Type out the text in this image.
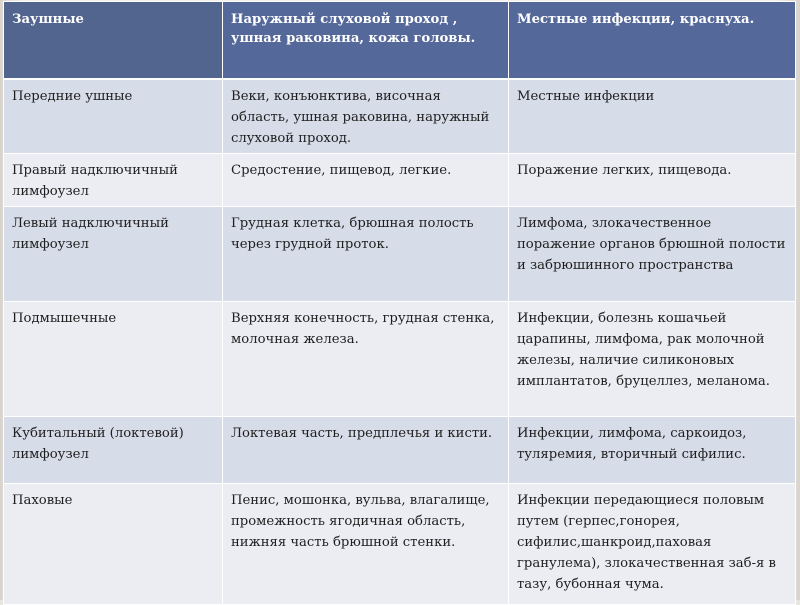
Заушные	Наружный слуховой проход , ушная раковина, кожа головы.	Местные инфекции, краснуха.
Передние ушные	Веки, конъюнктива, височная область, ушная раковина, наружный слуховой проход.	Местные инфекции
Правый надключичный лимфоузел	Средостение, пищевод, легкие.	Поражение легких, пищевода.
Левый надключичный лимфоузел	Грудная клетка, брюшная полость через грудной проток.	Лимфома, злокачественное поражение органов брюшной полости и забрюшинного пространства
Подмышечные	Верхняя конечность, грудная стенка, молочная железа.	Инфекции, болезнь кошачьей царапины, лимфома, рак молочной железы, наличие силиконовых имплантатов, бруцеллез, меланома.
Кубитальный (локтевой) лимфоузел	Локтевая часть, предплечья и кисти.	Инфекции, лимфома, саркоидоз, туляремия, вторичный сифилис.
Паховые	Пенис, мошонка, вульва, влагалище, промежность ягодичная область, нижняя часть брюшной стенки.	Инфекции передающиеся половым путем (герпес,гонорея, сифилис,шанкроид,паховая гранулема), злокачественная заб-я в тазу, бубонная чума.
